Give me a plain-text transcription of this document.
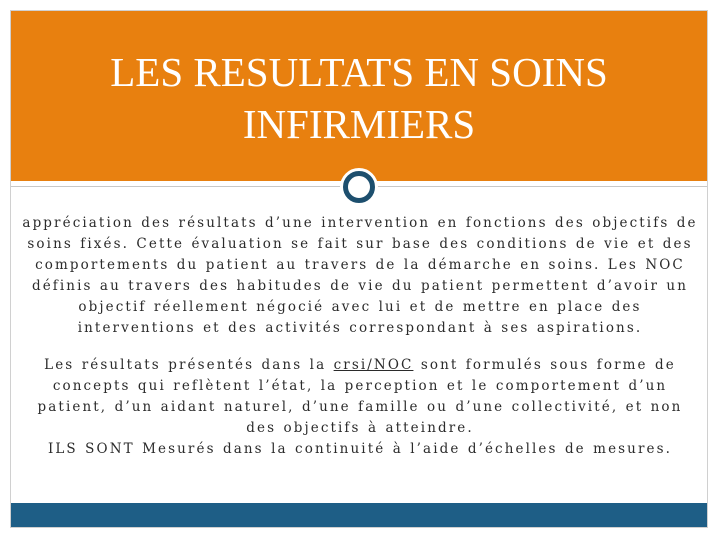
LES RESULTATS EN SOINS INFIRMIERS

appréciation des résultats d’une intervention en fonctions des objectifs de soins fixés. Cette évaluation se fait sur base des conditions de vie et des comportements du patient au travers de la démarche en soins. Les NOC définis au travers des habitudes de vie du patient permettent d’avoir un objectif réellement négocié avec lui et de mettre en place des interventions et des activités correspondant à ses aspirations.

Les résultats présentés dans la crsi/NOC sont formulés sous forme de concepts qui reflètent l’état, la perception et le comportement d’un patient, d’un aidant naturel, d’une famille ou d’une collectivité, et non des objectifs à atteindre.

ILS SONT Mesurés dans la continuité à l’aide d’échelles de mesures.
